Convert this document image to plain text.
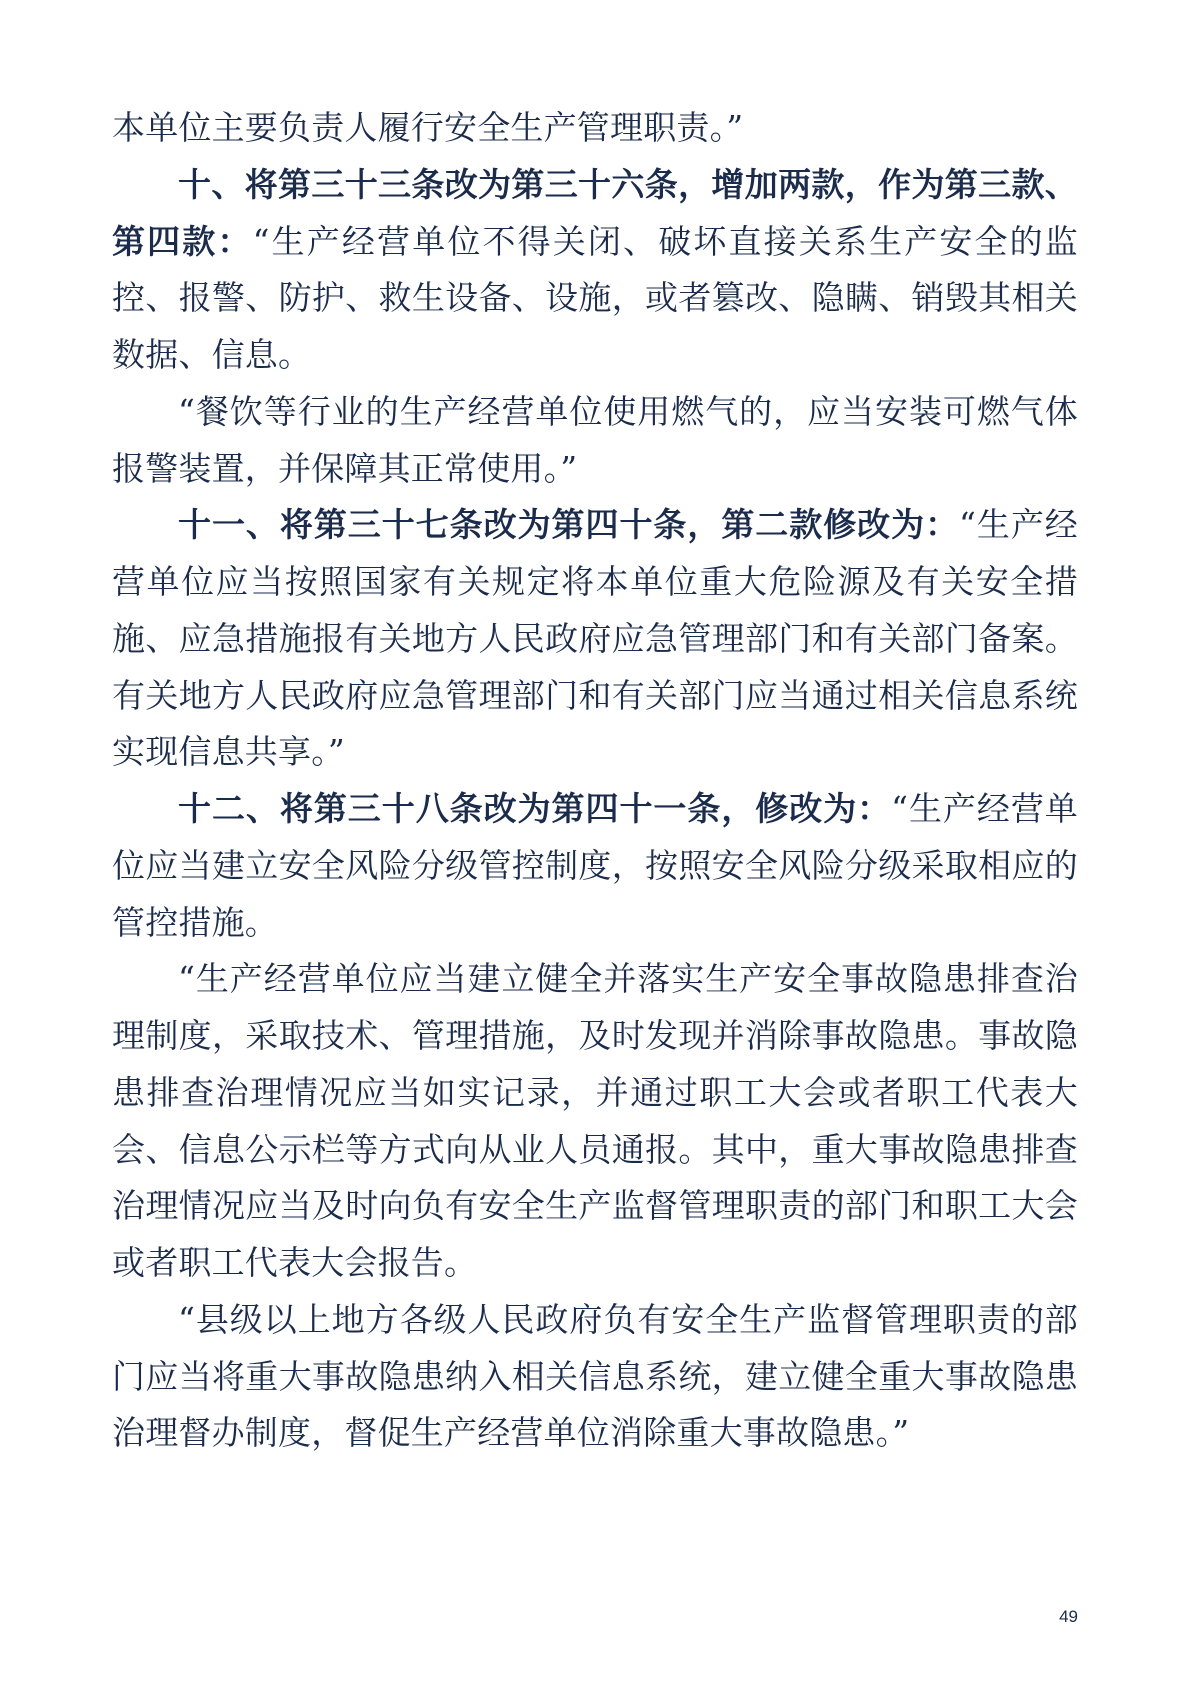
本单位主要负责人履行安全生产管理职责。”

十、将第三十三条改为第三十六条，增加两款，作为第三款、第四款：“生产经营单位不得关闭、破坏直接关系生产安全的监控、报警、防护、救生设备、设施，或者篡改、隐瞒、销毁其相关数据、信息。

“餐饮等行业的生产经营单位使用燃气的，应当安装可燃气体报警装置，并保障其正常使用。”

十一、将第三十七条改为第四十条，第二款修改为：“生产经营单位应当按照国家有关规定将本单位重大危险源及有关安全措施、应急措施报有关地方人民政府应急管理部门和有关部门备案。有关地方人民政府应急管理部门和有关部门应当通过相关信息系统实现信息共享。”

十二、将第三十八条改为第四十一条，修改为：“生产经营单位应当建立安全风险分级管控制度，按照安全风险分级采取相应的管控措施。

“生产经营单位应当建立健全并落实生产安全事故隐患排查治理制度，采取技术、管理措施，及时发现并消除事故隐患。事故隐患排查治理情况应当如实记录，并通过职工大会或者职工代表大会、信息公示栏等方式向从业人员通报。其中，重大事故隐患排查治理情况应当及时向负有安全生产监督管理职责的部门和职工大会或者职工代表大会报告。

“县级以上地方各级人民政府负有安全生产监督管理职责的部门应当将重大事故隐患纳入相关信息系统，建立健全重大事故隐患治理督办制度，督促生产经营单位消除重大事故隐患。”

49
